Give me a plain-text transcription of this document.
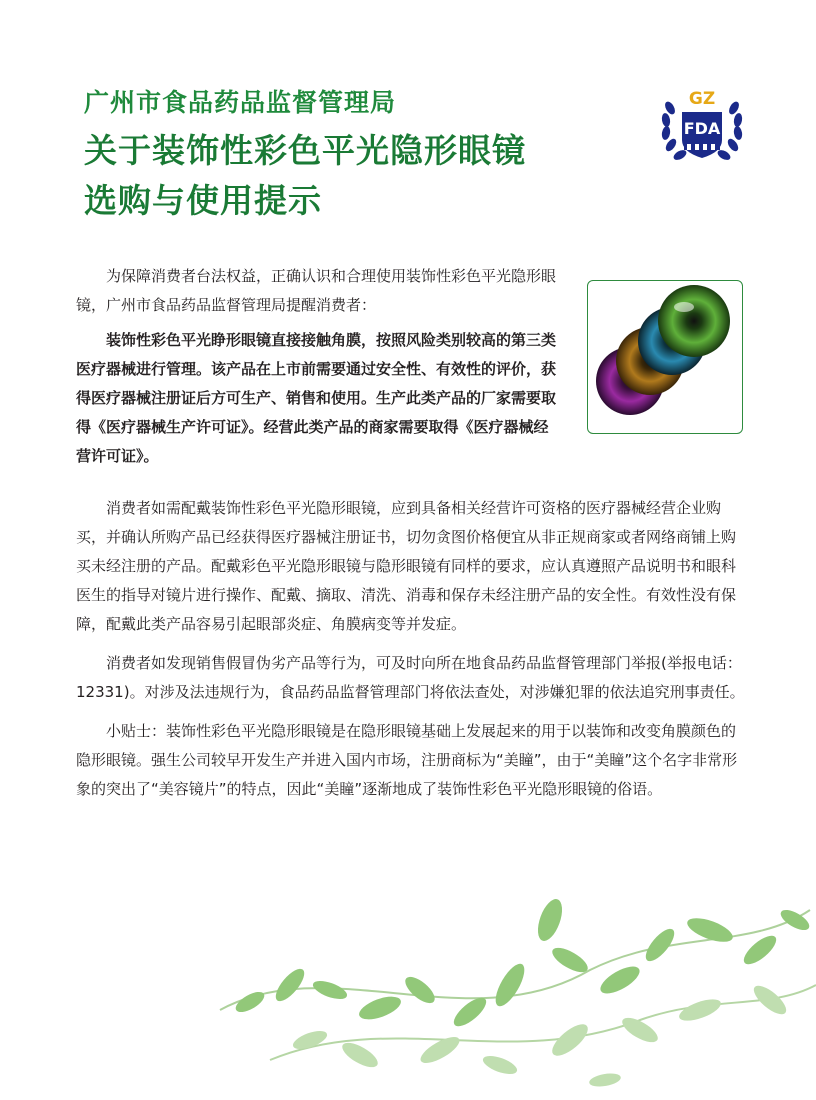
广州市食品药品监督管理局

关于装饰性彩色平光隐形眼镜

选购与使用提示

GZ
FDA

为保障消费者台法权益，正确认识和合理使用装饰性彩色平光隐形眼镜，广州市食品药品监督管理局提醒消费者：

装饰性彩色平光睁形眼镜直接接触角膜，按照风险类别较高的第三类医疗器械进行管理。该产品在上市前需要通过安全性、有效性的评价，获得医疗器械注册证后方可生产、销售和使用。生产此类产品的厂家需要取得《医疗器械生产许可证》。经营此类产品的商家需要取得《医疗器械经营许可证》。

消费者如需配戴装饰性彩色平光隐形眼镜，应到具备相关经营许可资格的医疗器械经营企业购买，并确认所购产品已经获得医疗器械注册证书，切勿贪图价格便宜从非正规商家或者网络商铺上购买未经注册的产品。配戴彩色平光隐形眼镜与隐形眼镜有同样的要求，应认真遵照产品说明书和眼科医生的指导对镜片进行操作、配戴、摘取、清洗、消毒和保存未经注册产品的安全性。有效性没有保障，配戴此类产品容易引起眼部炎症、角膜病变等并发症。

消费者如发现销售假冒伪劣产品等行为，可及时向所在地食品药品监督管理部门举报(举报电话：12331)。对涉及法违规行为，食品药品监督管理部门将依法查处，对涉嫌犯罪的依法追究刑事责任。

小贴士：装饰性彩色平光隐形眼镜是在隐形眼镜基础上发展起来的用于以装饰和改变角膜颜色的隐形眼镜。强生公司较早开发生产并进入国内市场，注册商标为“美瞳”，由于“美瞳”这个名字非常形象的突出了“美容镜片”的特点，因此“美瞳”逐渐地成了装饰性彩色平光隐形眼镜的俗语。
